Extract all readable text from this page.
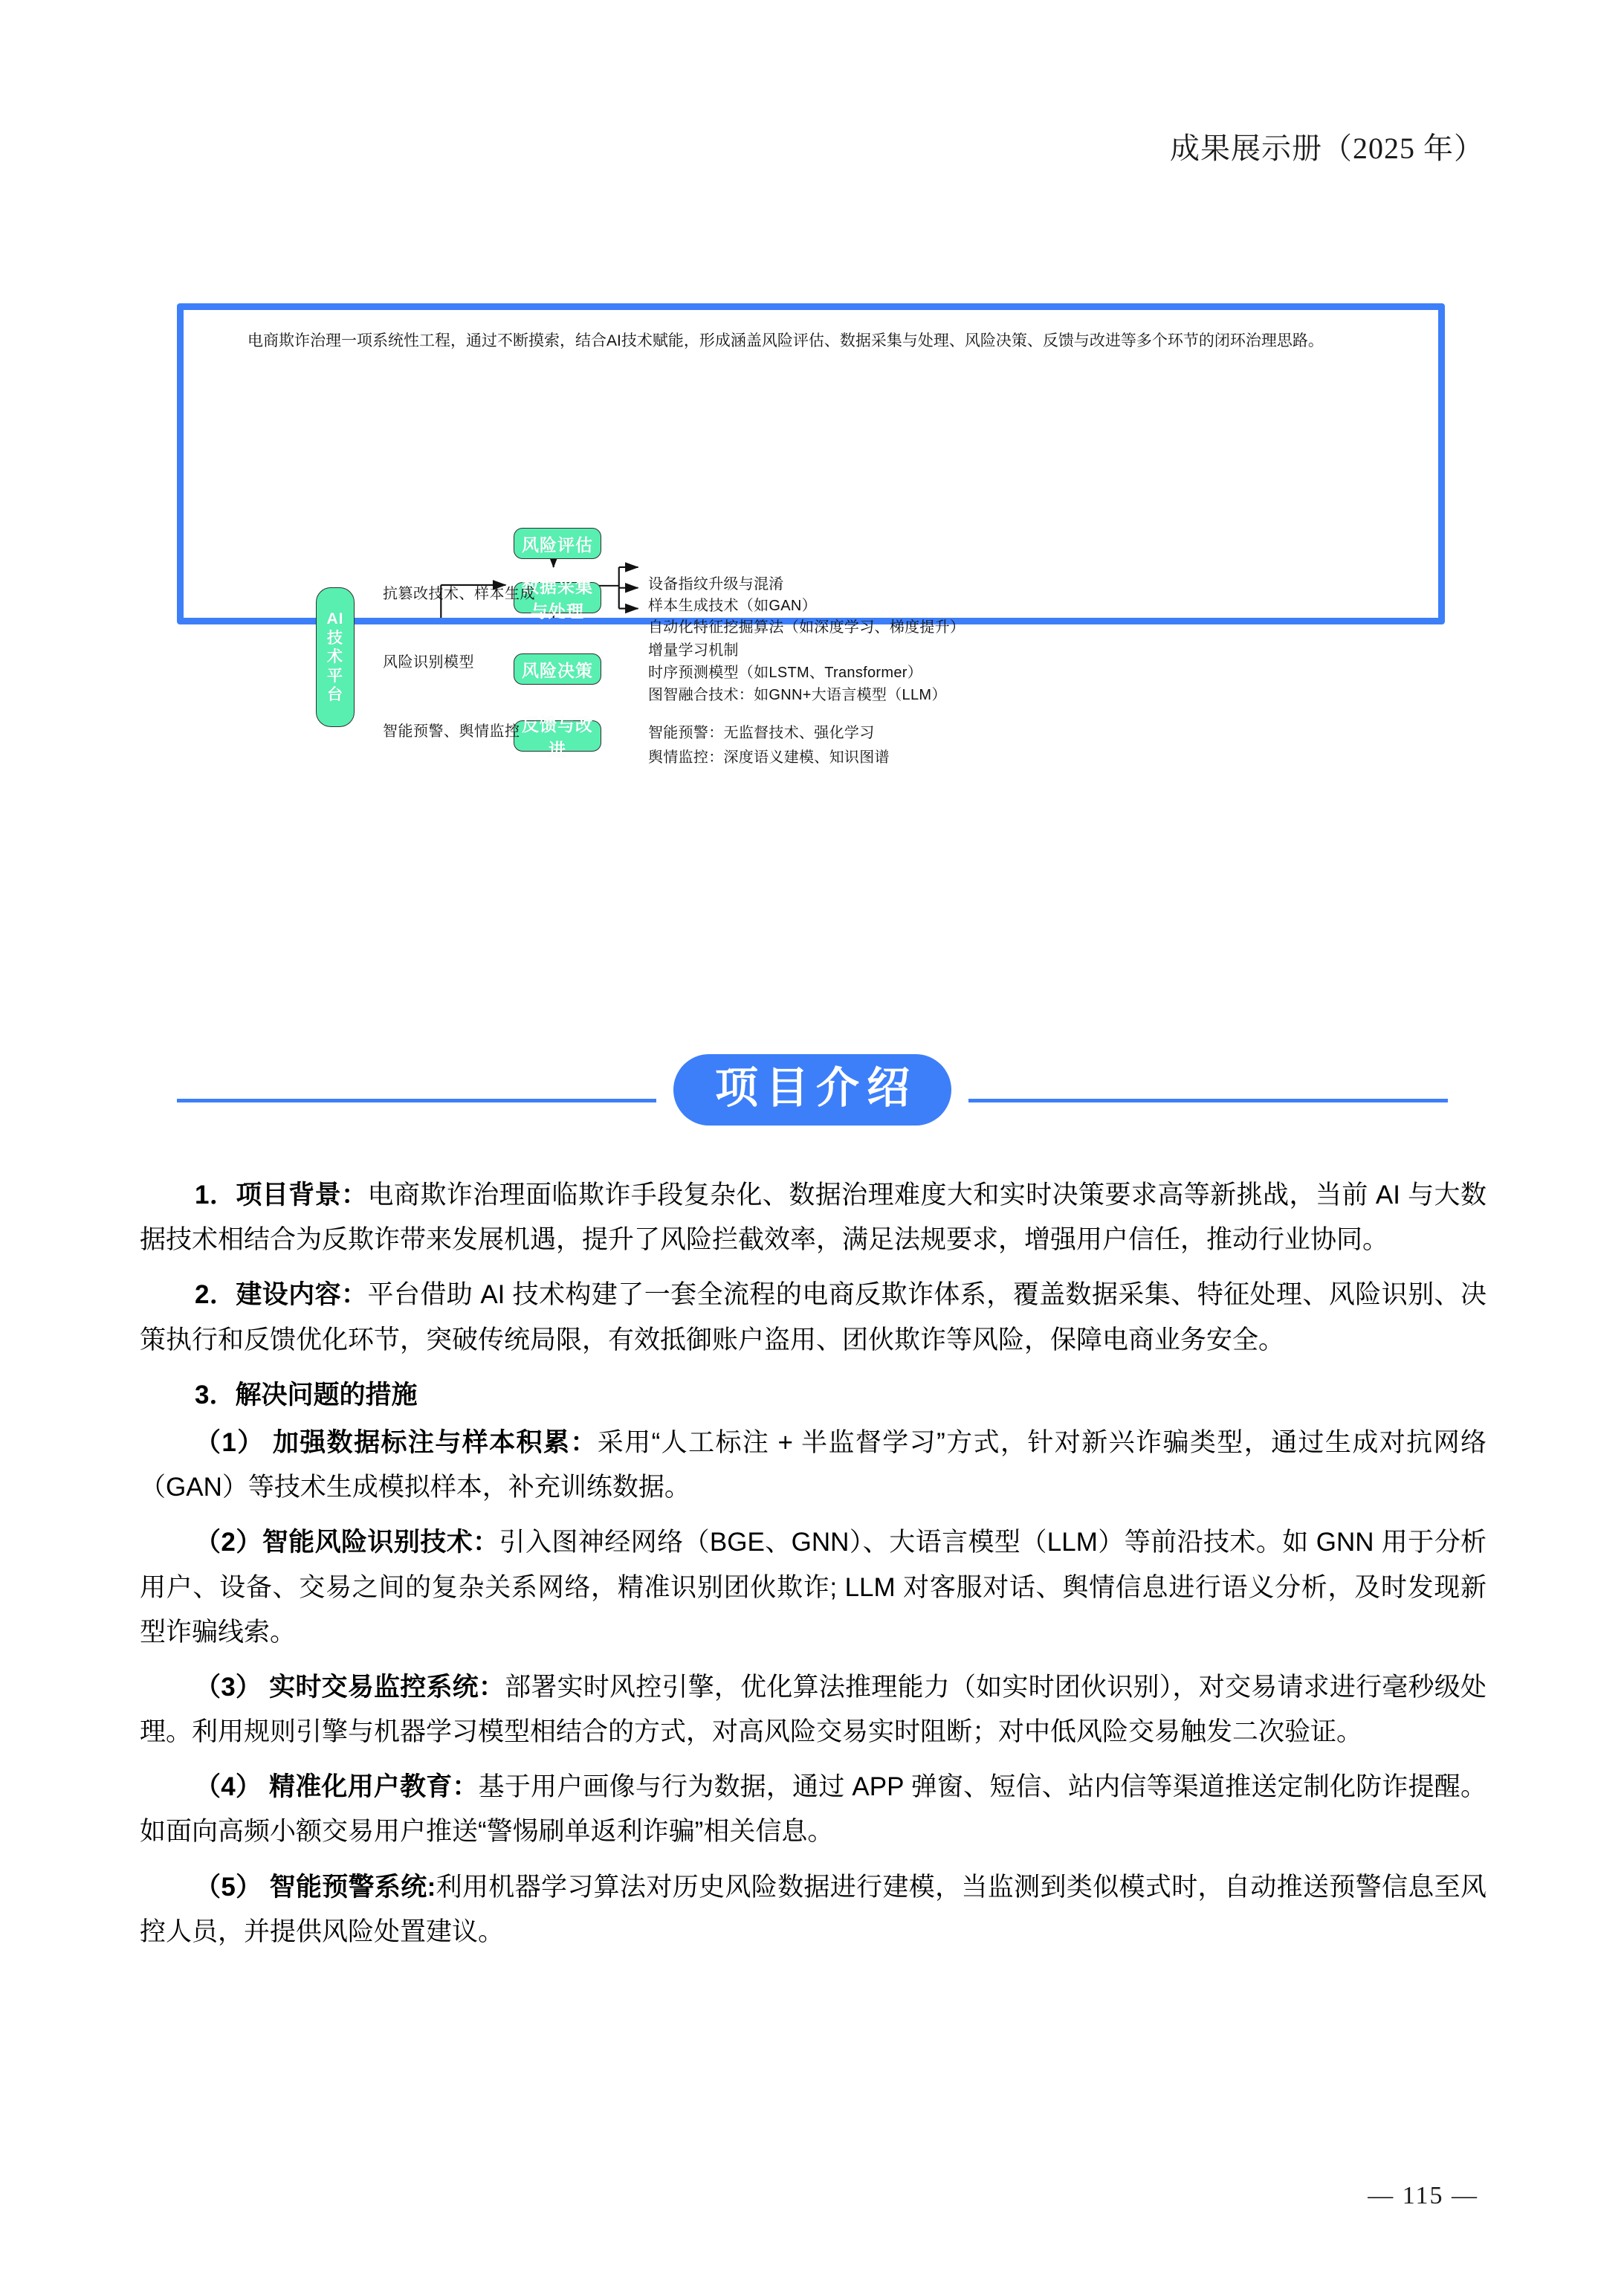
成果展示册（2025 年）
电商欺诈治理一项系统性工程，通过不断摸索，结合AI技术赋能，形成涵盖风险评估、数据采集与处理、风险决策、反馈与改进等多个环节的闭环治理思路。
AI
技
术
平
台
风险评估
数据采集与处理
风险决策
反馈与改进
抗篡改技术、样本生成
风险识别模型
智能预警、舆情监控
设备指纹升级与混淆
样本生成技术（如GAN）
自动化特征挖掘算法（如深度学习、梯度提升）
增量学习机制
时序预测模型（如LSTM、Transformer）
图智融合技术：如GNN+大语言模型（LLM）
智能预警：无监督技术、强化学习
舆情监控：深度语义建模、知识图谱
项目介绍

1．项目背景：电商欺诈治理面临欺诈手段复杂化、数据治理难度大和实时决策要求高等新挑战，当前 AI 与大数据技术相结合为反欺诈带来发展机遇，提升了风险拦截效率，满足法规要求，增强用户信任，推动行业协同。

2．建设内容：平台借助 AI 技术构建了一套全流程的电商反欺诈体系，覆盖数据采集、特征处理、风险识别、决策执行和反馈优化环节，突破传统局限，有效抵御账户盗用、团伙欺诈等风险，保障电商业务安全。

3．解决问题的措施

（1） 加强数据标注与样本积累：采用“人工标注 + 半监督学习”方式，针对新兴诈骗类型，通过生成对抗网络（GAN）等技术生成模拟样本，补充训练数据。

（2）智能风险识别技术：引入图神经网络（BGE、GNN）、大语言模型（LLM）等前沿技术。如 GNN 用于分析用户、设备、交易之间的复杂关系网络，精准识别团伙欺诈; LLM 对客服对话、舆情信息进行语义分析，及时发现新型诈骗线索。

（3） 实时交易监控系统：部署实时风控引擎，优化算法推理能力（如实时团伙识别），对交易请求进行毫秒级处理。利用规则引擎与机器学习模型相结合的方式，对高风险交易实时阻断；对中低风险交易触发二次验证。

（4） 精准化用户教育：基于用户画像与行为数据，通过 APP 弹窗、短信、站内信等渠道推送定制化防诈提醒。如面向高频小额交易用户推送“警惕刷单返利诈骗”相关信息。

（5） 智能预警系统:利用机器学习算法对历史风险数据进行建模，当监测到类似模式时，自动推送预警信息至风控人员，并提供风险处置建议。

— 115 —
